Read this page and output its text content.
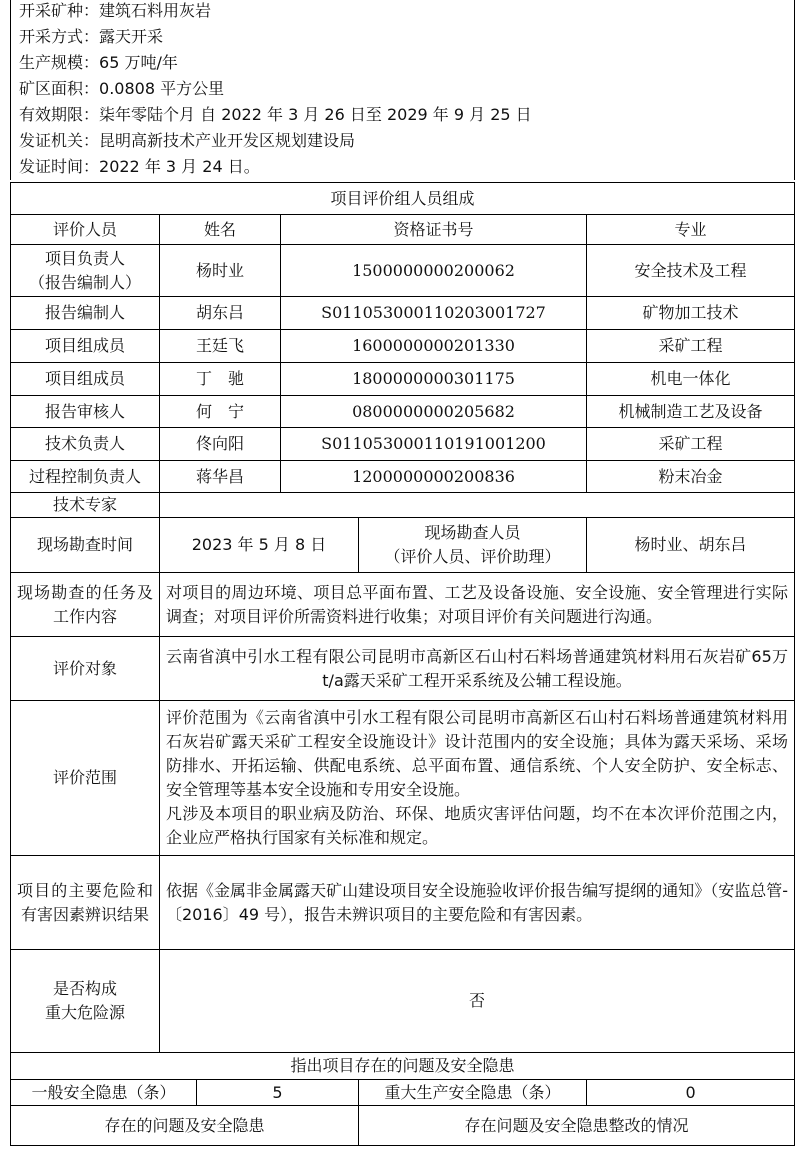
开采矿种：建筑石料用灰岩
开采方式：露天开采
生产规模：65 万吨/年
矿区面积：0.0808 平方公里
有效期限：柒年零陆个月 自 2022 年 3 月 26 日至 2029 年 9 月 25 日
发证机关：昆明高新技术产业开发区规划建设局
发证时间：2022 年 3 月 24 日。
项目评价组人员组成					
评价人员	姓名		资格证书号		专业

项目负责人
（报告编制人）	杨时业		1500000000200062		安全技术及工程
报告编制人	胡东吕		S011053000110203001727		矿物加工技术
项目组成员	王廷飞		1600000000201330		采矿工程
项目组成员	丁　驰		1800000000301175		机电一体化
报告审核人	何　宁		0800000000205682		机械制造工艺及设备
技术负责人	佟向阳		S011053000110191001200		采矿工程
过程控制负责人	蒋华昌		1200000000200836		粉末冶金
技术专家					
现场勘查时间	2023 年 5 月 8 日			现场勘查人员
（评价人员、评价助理）	杨时业、胡东吕
现场勘查的任务及工作内容	对项目的周边环境、项目总平面布置、工艺及设备设施、安全设施、安全管理进行实际调查；对项目评价所需资料进行收集；对项目评价有关问题进行沟通。				
评价对象	云南省滇中引水工程有限公司昆明市高新区石山村石料场普通建筑材料用石灰岩矿65万t/a露天采矿工程开采系统及公辅工程设施。				
评价范围	评价范围为《云南省滇中引水工程有限公司昆明市高新区石山村石料场普通建筑材料用石灰岩矿露天采矿工程安全设施设计》设计范围内的安全设施；具体为露天采场、采场防排水、开拓运输、供配电系统、总平面布置、通信系统、个人安全防护、安全标志、安全管理等基本安全设施和专用安全设施。
凡涉及本项目的职业病及防治、环保、地质灾害评估问题，均不在本次评价范围之内，企业应严格执行国家有关标准和规定。				

项目的主要危险和有害因素辨识结果	依据《金属非金属露天矿山建设项目安全设施验收评价报告编写提纲的通知》（安监总管-〔2016〕49 号），报告未辨识项目的主要危险和有害因素。				

是否构成
重大危险源	否				
指出项目存在的问题及安全隐患					
一般安全隐患（条）		5		重大生产安全隐患（条）	0
存在的问题及安全隐患				存在问题及安全隐患整改的情况	
